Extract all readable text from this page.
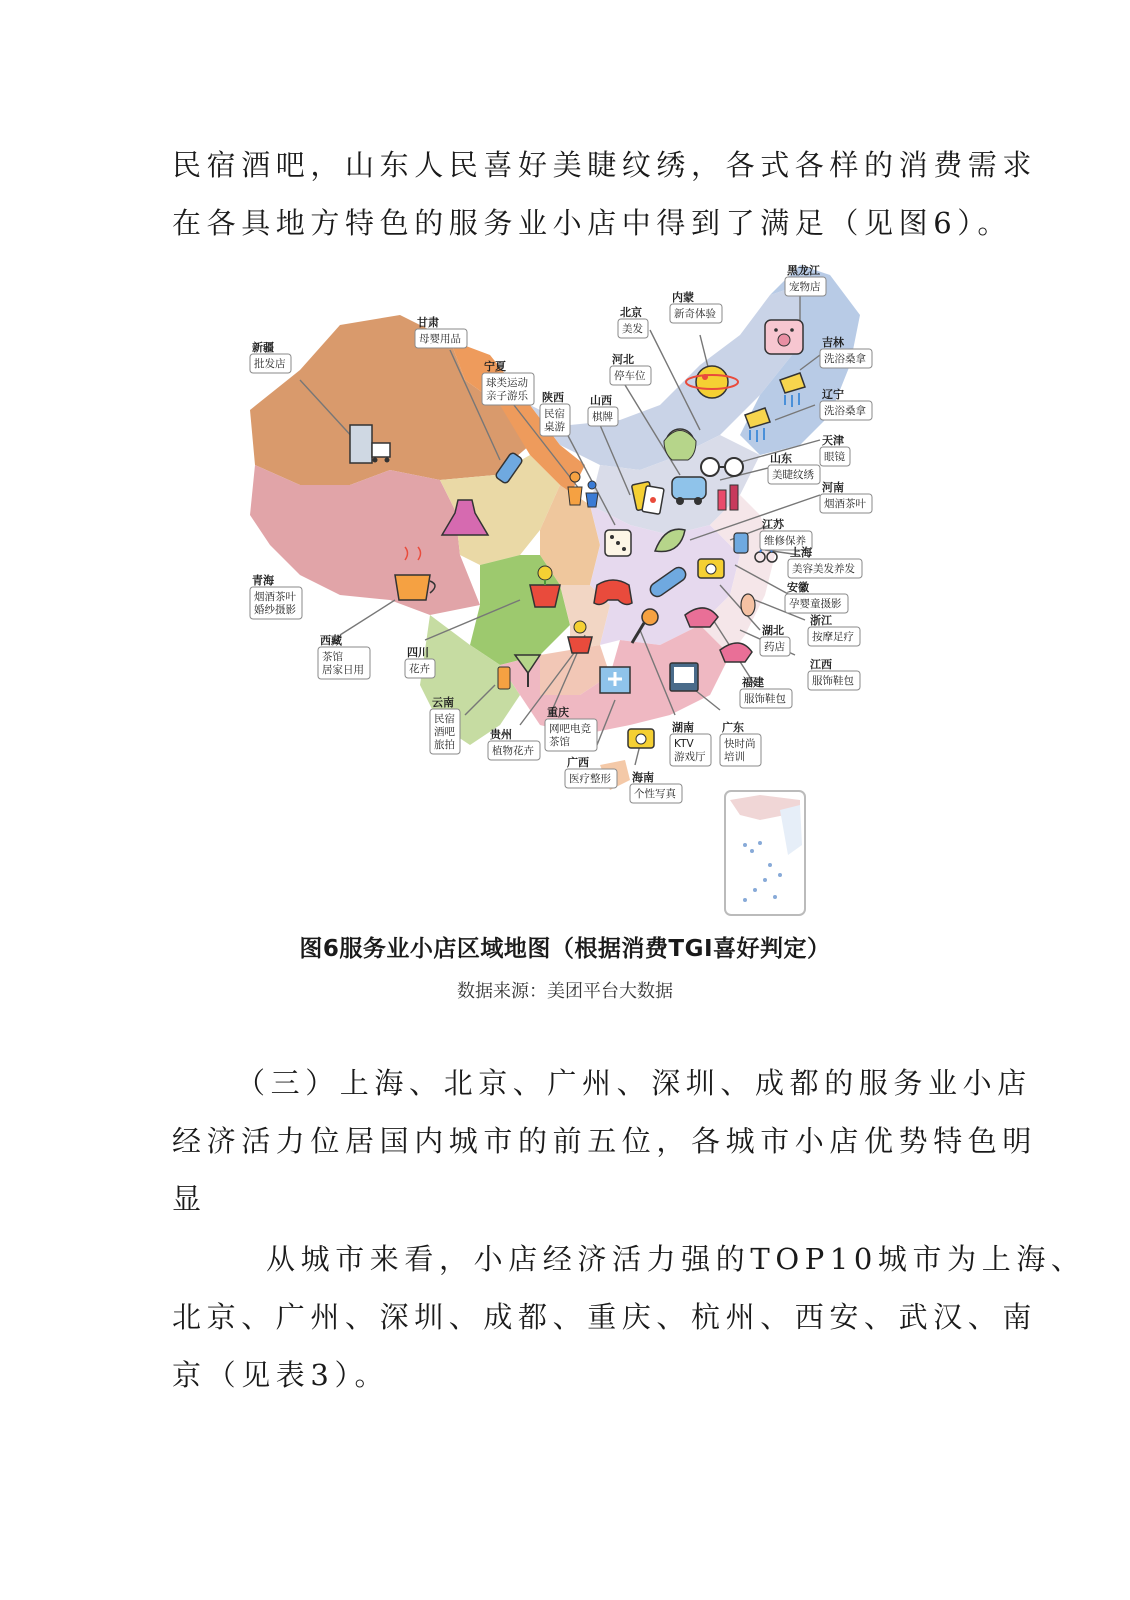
民宿酒吧，山东人民喜好美睫纹绣，各式各样的消费需求

在各具地方特色的服务业小店中得到了满足（见图6）。

黑龙江
宠物店
内蒙
新奇体验
北京
美发
甘肃
母婴用品
新疆
批发店	宁夏
球类运动
亲子游乐
河北
停车位
陕西
民宿
桌游
山西
棋牌
吉林
洗浴桑拿
辽宁
洗浴桑拿
天津
眼镜
山东
美睫纹绣
河南
烟酒茶叶
江苏
维修保养
上海
美容美发养发
安徽
孕婴童摄影
浙江
按摩足疗
湖北
药店
江西
服饰鞋包
福建
服饰鞋包
青海
烟酒茶叶
婚纱摄影
西藏
茶馆
居家日用
四川
花卉
云南
民宿
酒吧
旅拍
重庆
网吧电竞
茶馆
贵州
植物花卉
广西
医疗整形
湖南
KTV
游戏厅
广东
快时尚
培训
海南
个性写真
图6服务业小店区域地图（根据消费TGI喜好判定）
数据来源：美团平台大数据

（三）上海、北京、广州、深圳、成都的服务业小店

经济活力位居国内城市的前五位，各城市小店优势特色明

显

从城市来看，小店经济活力强的TOP10城市为上海、

北京、广州、深圳、成都、重庆、杭州、西安、武汉、南

京（见表3）。
